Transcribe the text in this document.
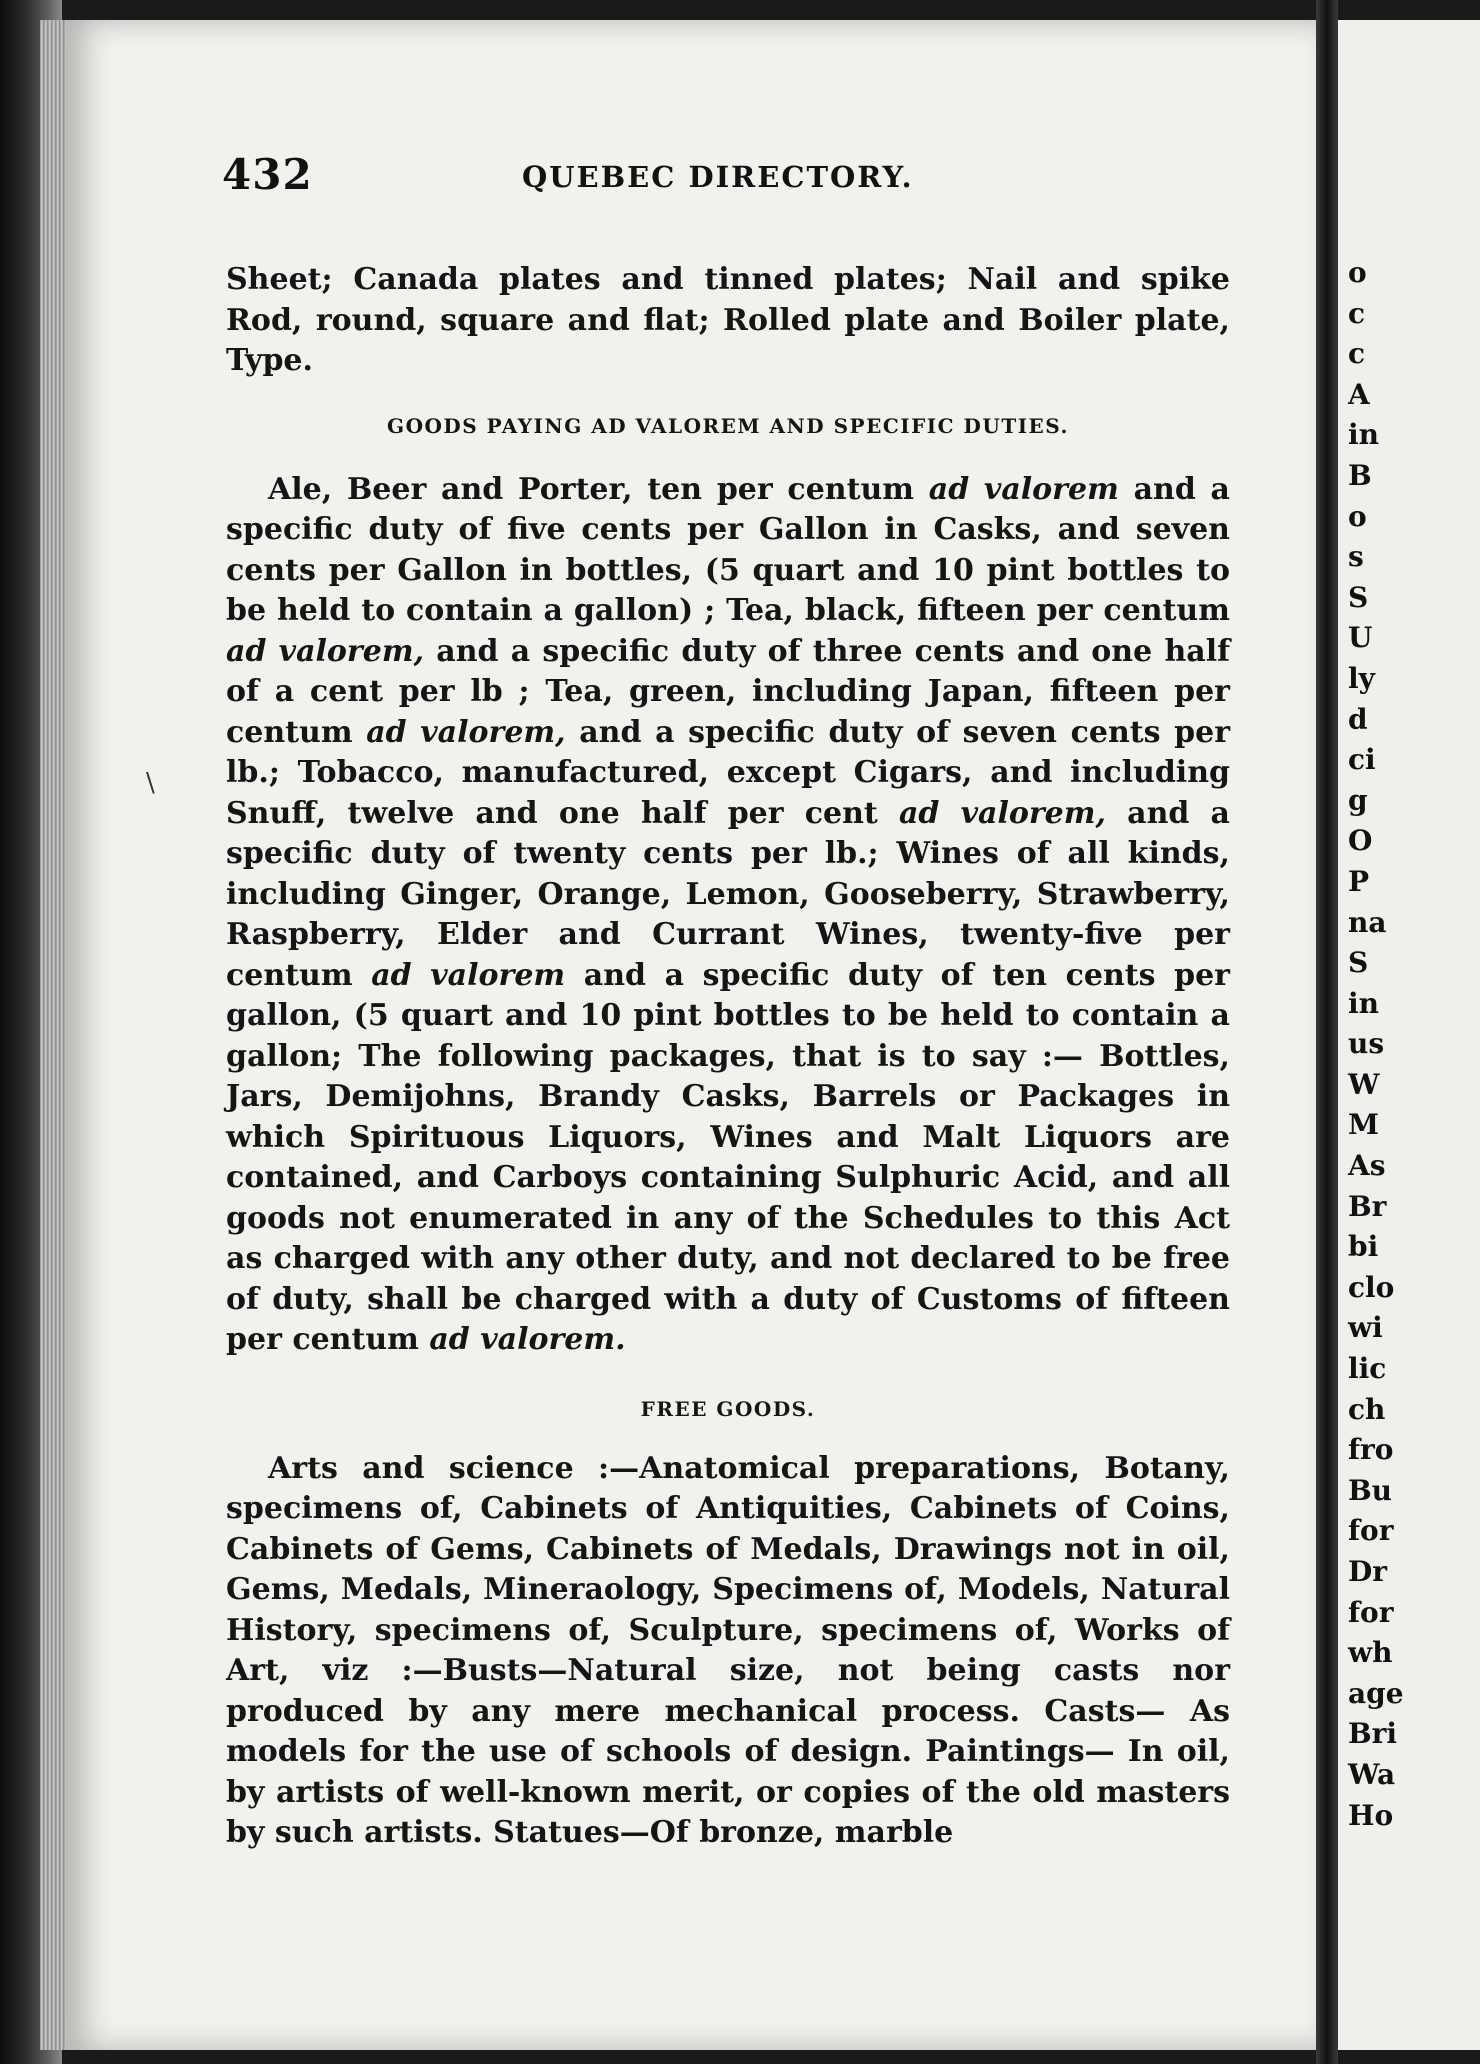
432	QUEBEC DIRECTORY.
\

Sheet; Canada plates and tinned plates; Nail and spike Rod, round, square and flat; Rolled plate and Boiler plate, Type.

GOODS PAYING AD VALOREM AND SPECIFIC DUTIES.

Ale, Beer and Porter, ten per centum ad valorem and a specific duty of five cents per Gallon in Casks, and seven cents per Gallon in bottles, (5 quart and 10 pint bottles to be held to contain a gallon) ; Tea, black, fifteen per centum ad valorem, and a specific duty of three cents and one half of a cent per lb ; Tea, green, including Japan, fifteen per centum ad valorem, and a specific duty of seven cents per lb.; Tobacco, manufactured, except Cigars, and including Snuff, twelve and one half per cent ad valorem, and a specific duty of twenty cents per lb.; Wines of all kinds, including Ginger, Orange, Lemon, Gooseberry, Strawberry, Raspberry, Elder and Currant Wines, twenty-five per centum ad valorem and a specific duty of ten cents per gallon, (5 quart and 10 pint bottles to be held to contain a gallon; The following packages, that is to say :— Bottles, Jars, Demijohns, Brandy Casks, Barrels or Packages in which Spirituous Liquors, Wines and Malt Liquors are contained, and Carboys containing Sulphuric Acid, and all goods not enumerated in any of the Schedules to this Act as charged with any other duty, and not declared to be free of duty, shall be charged with a duty of Customs of fifteen per centum ad valorem.

FREE GOODS.

Arts and science :—Anatomical preparations, Botany, specimens of, Cabinets of Antiquities, Cabinets of Coins, Cabinets of Gems, Cabinets of Medals, Drawings not in oil, Gems, Medals, Mineraology, Specimens of, Models, Natural History, specimens of, Sculpture, specimens of, Works of Art, viz :—Busts—Natural size, not being casts nor produced by any mere mechanical process. Casts— As models for the use of schools of design. Paintings— In oil, by artists of well-known merit, or copies of the old masters by such artists. Statues—Of bronze, marble

o
c
c
A
in
B
o
s
S
U
ly
d
ci
g
O
P
na
S
in
us
W
M
As
Br
bi
clo
wi
lic
ch
fro
Bu
for
Dr
for
wh
age
Bri
Wa
Ho
